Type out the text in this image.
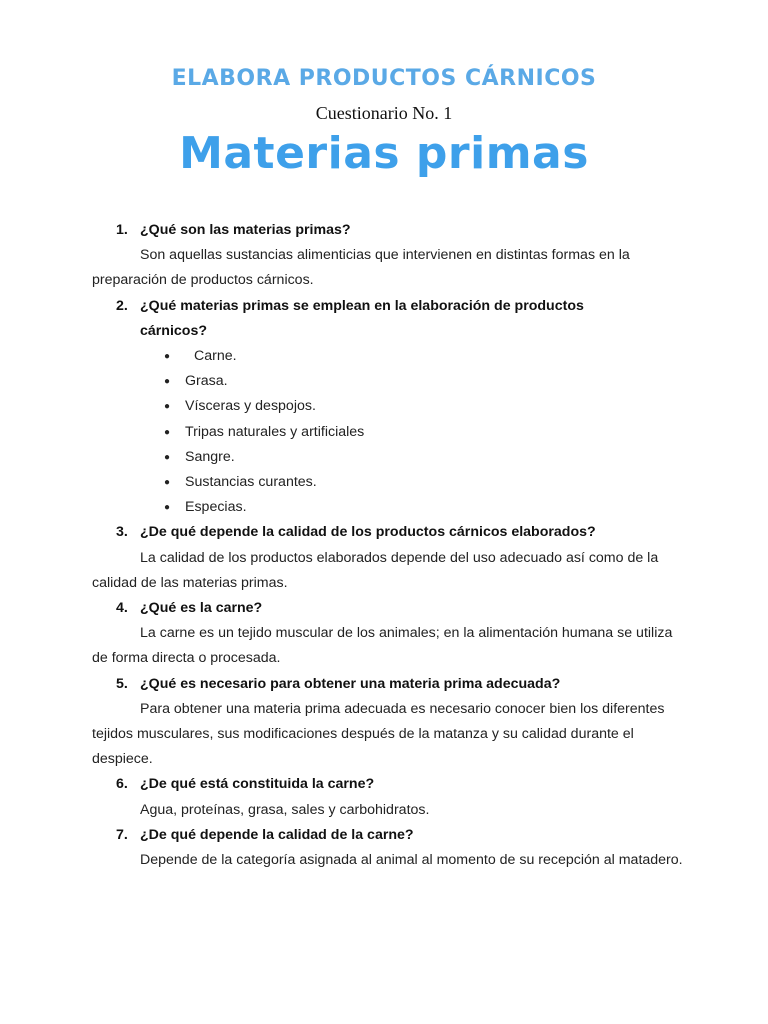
ELABORA PRODUCTOS CÁRNICOS
Cuestionario No. 1
Materias primas
1. ¿Qué son las materias primas?
Son aquellas sustancias alimenticias que intervienen en distintas formas en la preparación de productos cárnicos.
2. ¿Qué materias primas se emplean en la elaboración de productos
cárnicos?
● Carne.
● Grasa.
● Vísceras y despojos.
● Tripas naturales y artificiales
● Sangre.
● Sustancias curantes.
● Especias.
3. ¿De qué depende la calidad de los productos cárnicos elaborados?
La calidad de los productos elaborados depende del uso adecuado así como de la calidad de las materias primas.
4. ¿Qué es la carne?
La carne es un tejido muscular de los animales; en la alimentación humana se utiliza de forma directa o procesada.
5. ¿Qué es necesario para obtener una materia prima adecuada?
Para obtener una materia prima adecuada es necesario conocer bien los diferentes tejidos musculares, sus modificaciones después de la matanza y su calidad durante el despiece.
6. ¿De qué está constituida la carne?
Agua, proteínas, grasa, sales y carbohidratos.
7. ¿De qué depende la calidad de la carne?
Depende de la categoría asignada al animal al momento de su recepción al matadero.
